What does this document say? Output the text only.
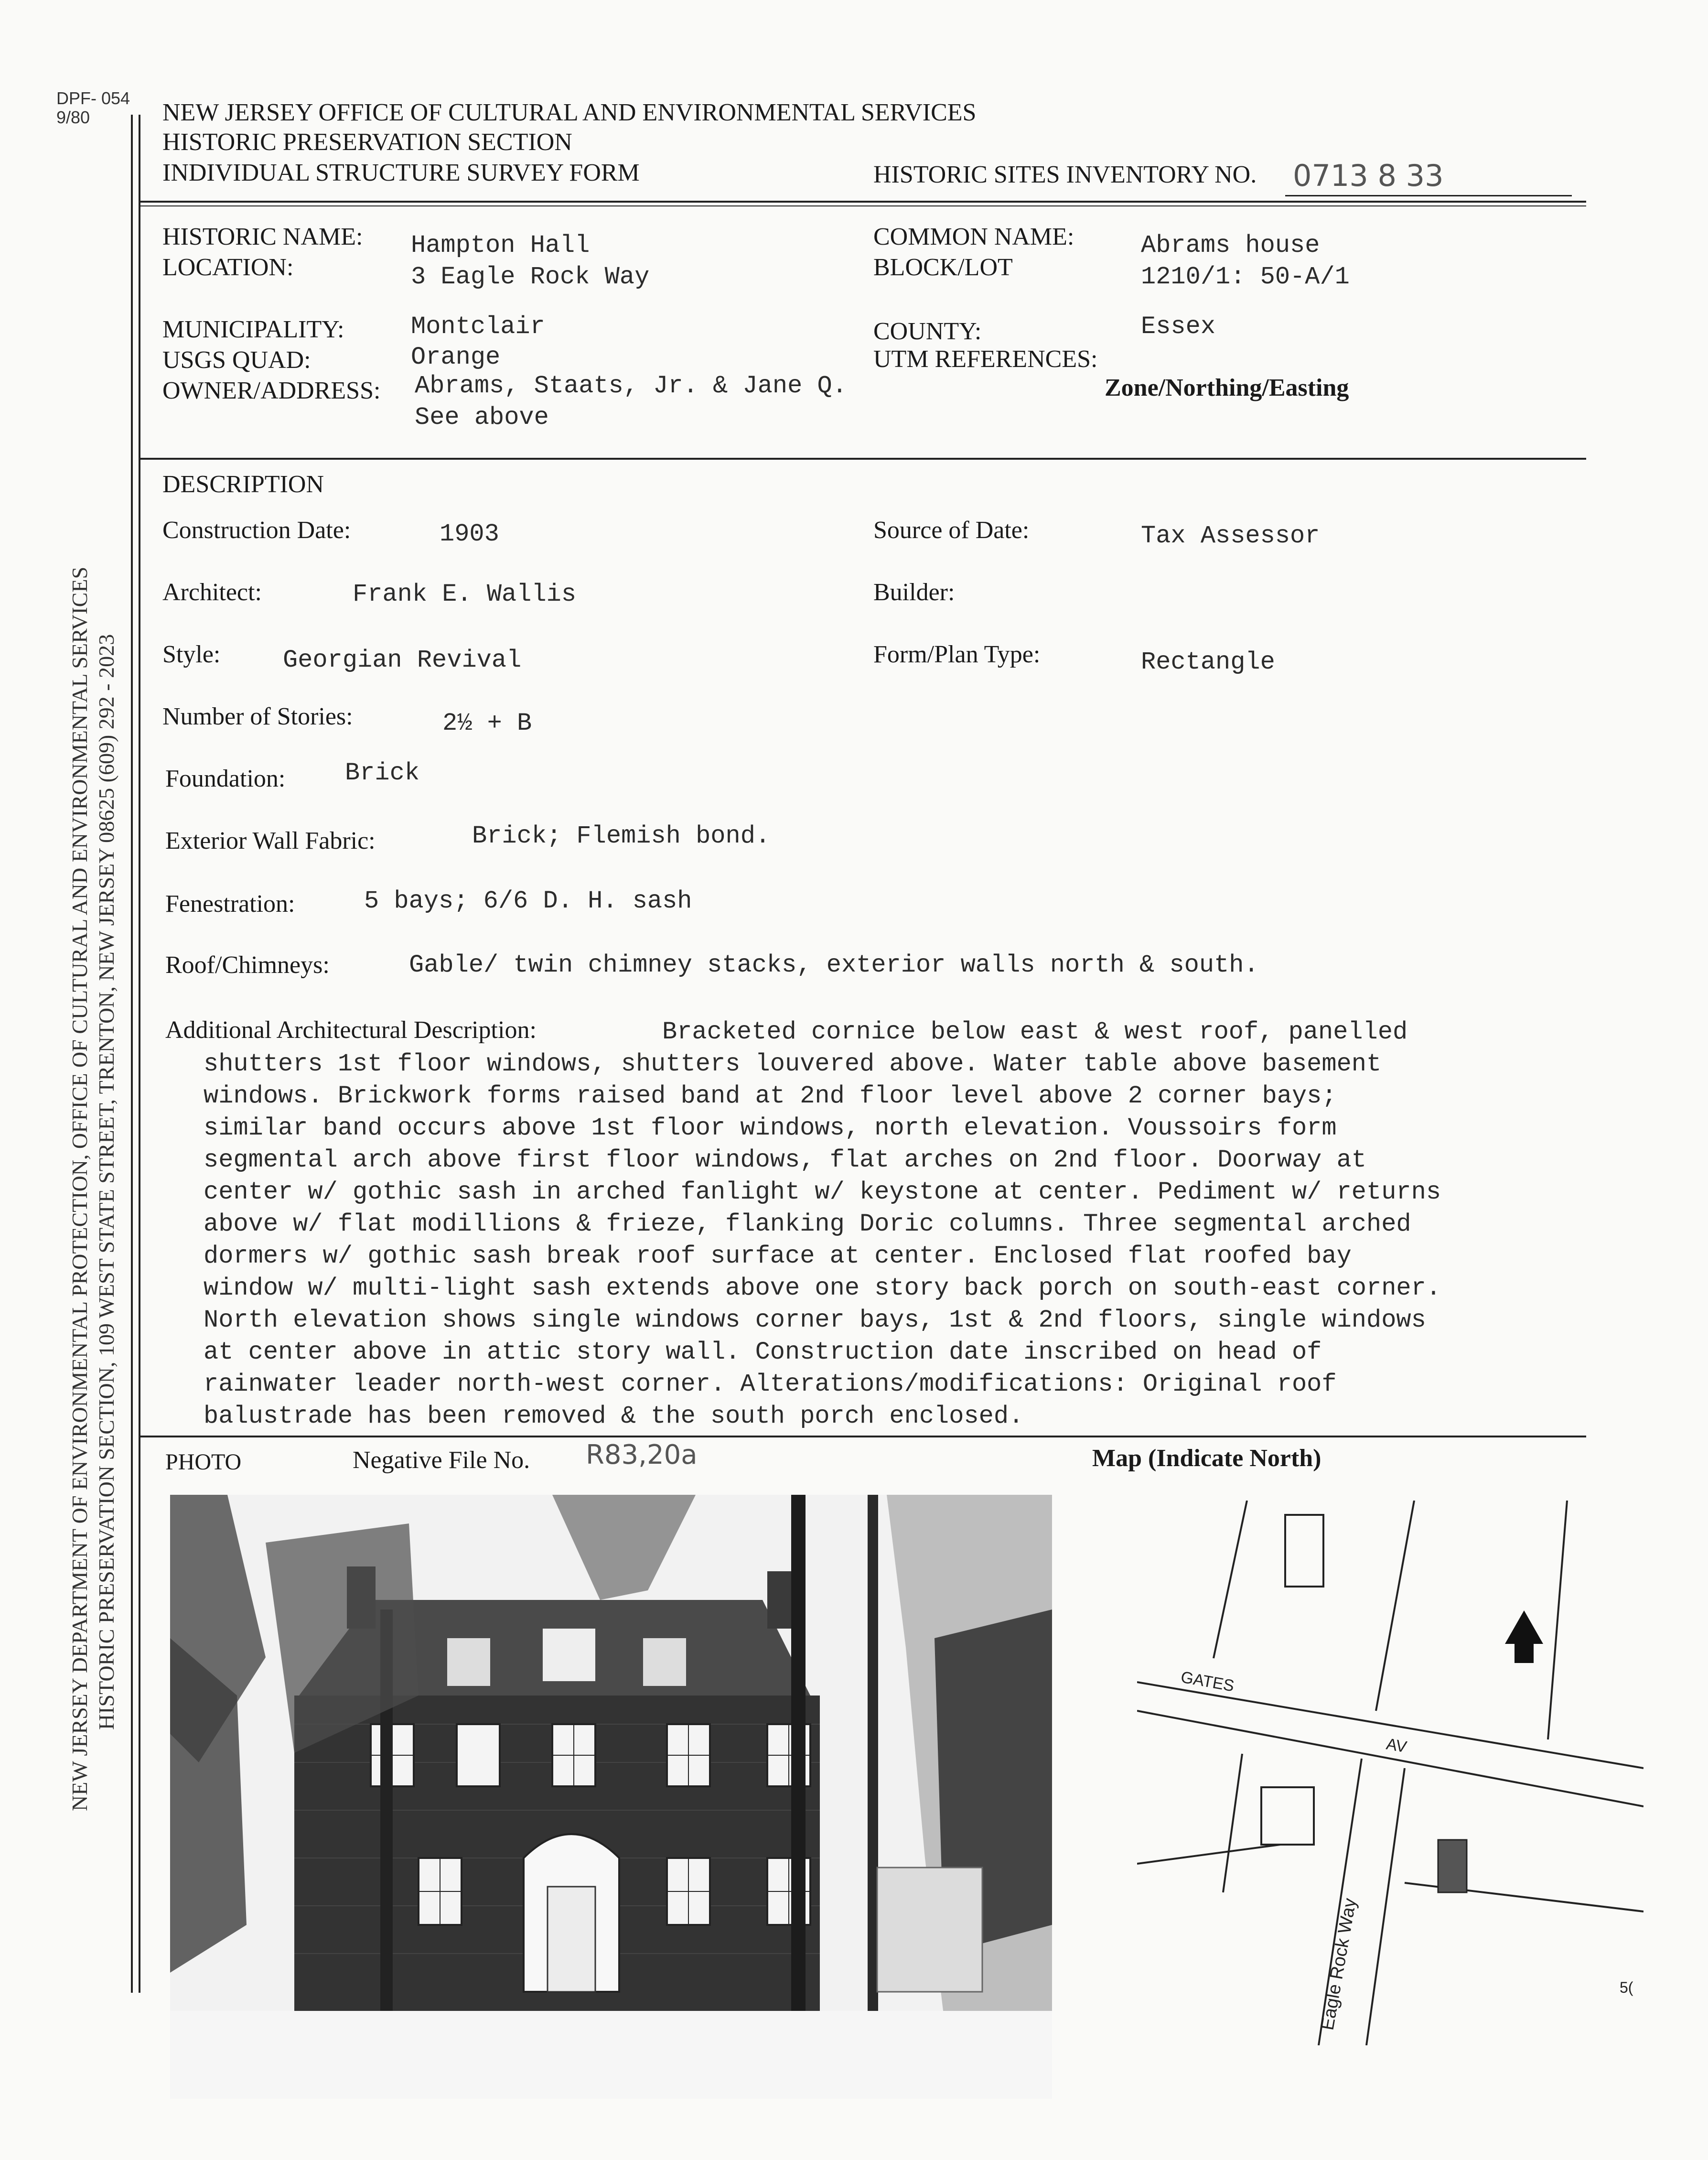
DPF- 054
9/80
NEW JERSEY DEPARTMENT OF ENVIRONMENTAL PROTECTION, OFFICE OF CULTURAL AND ENVIRONMENTAL SERVICES HISTORIC PRESERVATION SECTION, 109 WEST STATE STREET, TRENTON, NEW JERSEY 08625 (609) 292 - 2023
NEW JERSEY OFFICE OF CULTURAL AND ENVIRONMENTAL SERVICES
HISTORIC PRESERVATION SECTION
INDIVIDUAL STRUCTURE SURVEY FORM	HISTORIC SITES INVENTORY NO. 0713 8 33
HISTORIC NAME: Hampton Hall
LOCATION:	3 Eagle Rock Way
COMMON NAME:	Abrams house
BLOCK/LOT	1210/1: 50-A/1
MUNICIPALITY:	Montclair
USGS QUAD:	Orange
OWNER/ADDRESS: Abrams, Staats, Jr. & Jane Q.
See above
COUNTY:	Essex
UTM REFERENCES:
Zone/Northing/Easting
DESCRIPTION
Construction Date:	1903	Source of Date:	Tax Assessor
Architect:	Frank E. Wallis	Builder:
Style:	Georgian Revival	Form/Plan Type:	Rectangle
Number of Stories:	2½ + B
Foundation: Brick
Exterior Wall Fabric:	Brick; Flemish bond.
Fenestration:	5 bays; 6/6 D. H. sash
Roof/Chimneys:	Gable/ twin chimney stacks, exterior walls north & south.
Additional Architectural Description:	Bracketed cornice below east & west roof, panelled
shutters 1st floor windows, shutters louvered above. Water table above basement
windows. Brickwork forms raised band at 2nd floor level above 2 corner bays;
similar band occurs above 1st floor windows, north elevation. Voussoirs form
segmental arch above first floor windows, flat arches on 2nd floor. Doorway at
center w/ gothic sash in arched fanlight w/ keystone at center. Pediment w/ returns
above w/ flat modillions & frieze, flanking Doric columns. Three segmental arched
dormers w/ gothic sash break roof surface at center. Enclosed flat roofed bay
window w/ multi-light sash extends above one story back porch on south-east corner.
North elevation shows single windows corner bays, 1st & 2nd floors, single windows
at center above in attic story wall. Construction date inscribed on head of
rainwater leader north-west corner. Alterations/modifications: Original roof
balustrade has been removed & the south porch enclosed.
PHOTO	Negative File No. R83,20a	Map (Indicate North)
GATES
AV
Eagle Rock Way	5(
